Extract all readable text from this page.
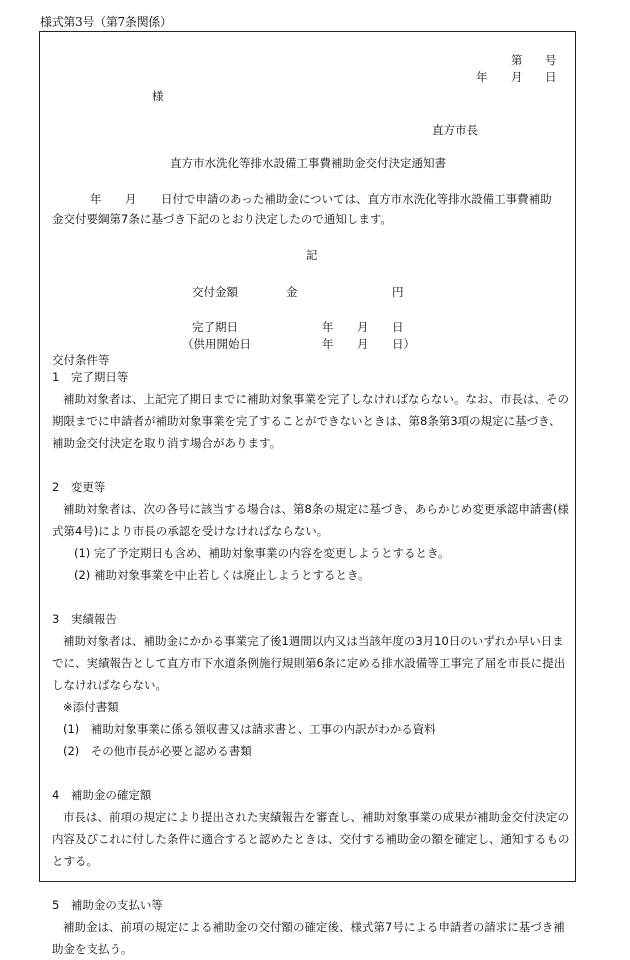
様式第3号（第7条関係）
第 号
年 月 日
様
直方市長
直方市水洗化等排水設備工事費補助金交付決定通知書
年 月 日付で申請のあった補助金については、直方市水洗化等排水設備工事費補助
金交付要綱第7条に基づき下記のとおり決定したので通知します。
記
交付金額	金	円
完了期日	年 月 日
（供用開始日	年 月 日）
交付条件等

1　完了期日等

補助対象者は、上記完了期日までに補助対象事業を完了しなければならない。なお、市長は、その期限までに申請者が補助対象事業を完了することができないときは、第8条第3項の規定に基づき、補助金交付決定を取り消す場合があります。

2　変更等

補助対象者は、次の各号に該当する場合は、第8条の規定に基づき、あらかじめ変更承認申請書(様式第4号)により市長の承認を受けなければならない。

(1) 完了予定期日も含め、補助対象事業の内容を変更しようとするとき。

(2) 補助対象事業を中止若しくは廃止しようとするとき。

3　実績報告

補助対象者は、補助金にかかる事業完了後1週間以内又は当該年度の3月10日のいずれか早い日までに、実績報告として直方市下水道条例施行規則第6条に定める排水設備等工事完了届を市長に提出しなければならない。

※添付書類

(1)　補助対象事業に係る領収書又は請求書と、工事の内訳がわかる資料

(2)　その他市長が必要と認める書類

4　補助金の確定額

市長は、前項の規定により提出された実績報告を審査し、補助対象事業の成果が補助金交付決定の内容及びこれに付した条件に適合すると認めたときは、交付する補助金の額を確定し、通知するものとする。

5　補助金の支払い等

補助金は、前項の規定による補助金の交付額の確定後、様式第7号による申請者の請求に基づき補助金を支払う。
